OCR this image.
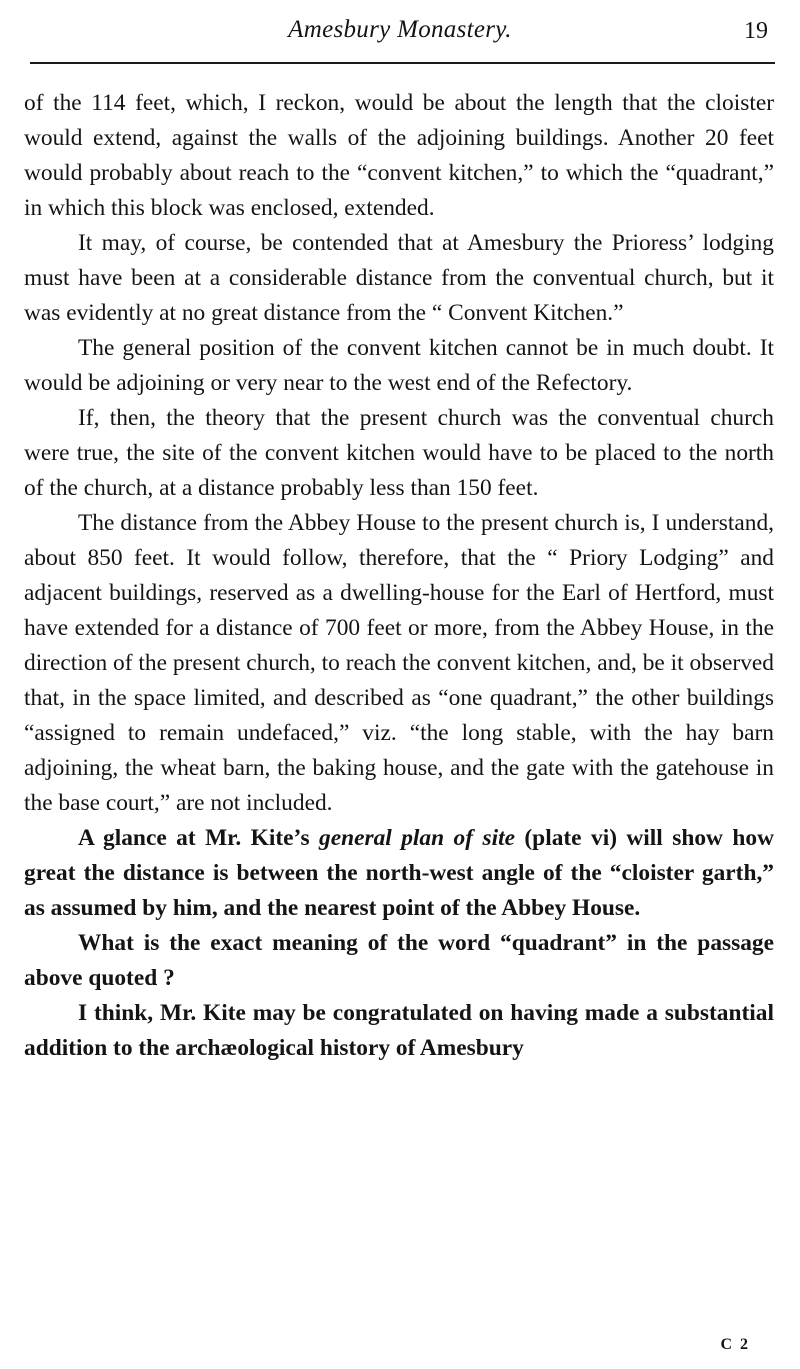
Amesbury Monastery.	19

of the 114 feet, which, I reckon, would be about the length that the cloister would extend, against the walls of the adjoining buildings. Another 20 feet would probably about reach to the “convent kitchen,” to which the “quadrant,” in which this block was enclosed, extended.

It may, of course, be contended that at Amesbury the Prioress’ lodging must have been at a considerable distance from the conventual church, but it was evidently at no great distance from the “ Convent Kitchen.”

The general position of the convent kitchen cannot be in much doubt. It would be adjoining or very near to the west end of the Refectory.

If, then, the theory that the present church was the conventual church were true, the site of the convent kitchen would have to be placed to the north of the church, at a distance probably less than 150 feet.

The distance from the Abbey House to the present church is, I understand, about 850 feet. It would follow, therefore, that the “ Priory Lodging” and adjacent buildings, reserved as a dwelling-house for the Earl of Hertford, must have extended for a distance of 700 feet or more, from the Abbey House, in the direction of the present church, to reach the convent kitchen, and, be it observed that, in the space limited, and described as “one quadrant,” the other buildings “assigned to remain undefaced,” viz. “the long stable, with the hay barn adjoining, the wheat barn, the baking house, and the gate with the gatehouse in the base court,” are not included.

A glance at Mr. Kite’s general plan of site (plate vi) will show how great the distance is between the north-west angle of the “cloister garth,” as assumed by him, and the nearest point of the Abbey House.

What is the exact meaning of the word “quadrant” in the passage above quoted ?

I think, Mr. Kite may be congratulated on having made a substantial addition to the archæological history of Amesbury

C 2
